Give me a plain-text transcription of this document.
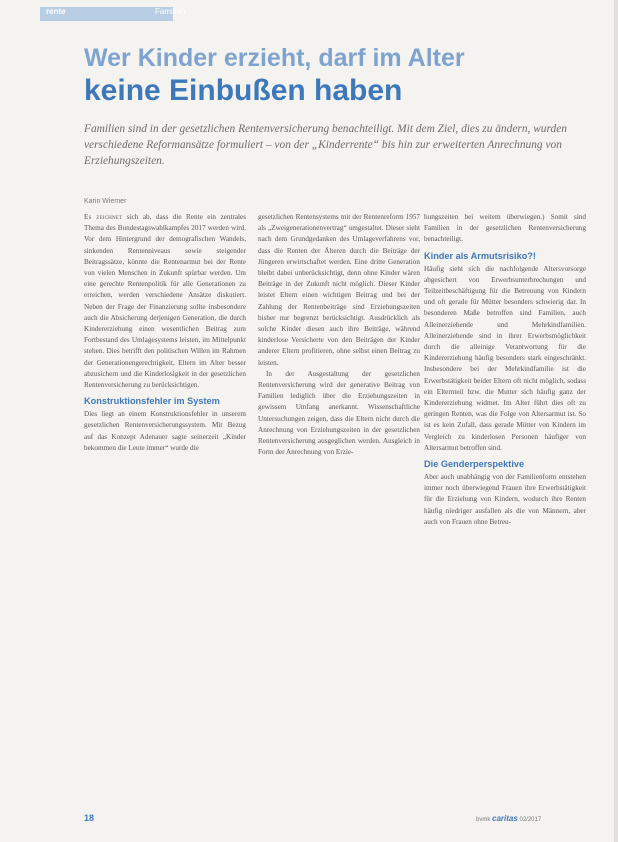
rente	Familien
Wer Kinder erzieht, darf im Alter
keine Einbußen haben

Familien sind in der gesetzlichen Rentenversicherung benachteiligt. Mit dem Ziel, dies zu ändern, wurden verschiedene Reformansätze formuliert – von der „Kinderrente“ bis hin zur erweiterten Anrechnung von Erziehungszeiten.

Karin Wiemer

Es zeichnet sich ab, dass die Rente ein zentrales Thema des Bundestagswahlkampfes 2017 werden wird. Vor dem Hintergrund der demografischen Wandels, sinkenden Rentenniveaus sowie steigender Beitragssätze, könnte die Rentenarmut bei der Rente von vielen Menschen in Zukunft spürbar werden. Um eine gerechte Rentenpolitik für alle Generationen zu erreichen, werden verschiedene Ansätze diskutiert. Neben der Frage der Finanzierung sollte insbesondere auch die Absicherung derjenigen Generation, die durch Kindererziehung einen wesentlichen Beitrag zum Fortbestand des Umlagesystems leisten, im Mittelpunkt stehen. Dies betrifft den politischen Willen im Rahmen der Generationengerechtigkeit, Eltern im Alter besser abzusichern und die Kinderlosigkeit in der gesetzlichen Rentenversicherung zu berücksichtigen.

Konstruktionsfehler im System

Dies liegt an einem Konstruktionsfehler in unserem gesetzlichen Rentenversicherungssystem. Mit Bezug auf das Konzept Adenauer sagte seinerzeit „Kinder bekommen die Leute immer“ wurde die

gesetzlichen Rentensystems mit der Rentenreform 1957 als „Zweigenerationenvertrag“ umgestaltet. Dieser sieht nach dem Grundgedanken des Umlageverfahrens vor, dass die Renten der Älteren durch die Beiträge der Jüngeren erwirtschaftet werden. Eine dritte Generation bleibt dabei unberücksichtigt, denn ohne Kinder wären Beiträge in der Zukunft nicht möglich. Dieser Kinder leistet Eltern einen wichtigen Beitrag und bei der Zahlung der Rentenbeiträge sind Erziehungszeiten bisher nur begrenzt berücksichtigt. Ausdrücklich als solche Kinder diesen auch ihre Beiträge, während kinderlose Versicherte von den Beiträgen der Kinder anderer Eltern profitieren, ohne selbst einen Beitrag zu leisten.

In der Ausgestaltung der gesetzlichen Rentenversicherung wird der generative Beitrag von Familien lediglich über die Erziehungszeiten in gewissem Umfang anerkannt. Wissenschaftliche Untersuchungen zeigen, dass die Eltern nicht durch die Anrechnung von Erziehungszeiten in der gesetzlichen Rentenversicherung ausgeglichen werden. Ausgleich in Form der Anrechnung von Erzie-

hungszeiten bei weitem überwiegen.) Somit sind Familien in der gesetzlichen Rentenversicherung benachteiligt.

Kinder als Armutsrisiko?!

Häufig sieht sich die nachfolgende Altersvorsorge abgesichert von Erwerbsunterbrechungen und Teilzeitbeschäftigung für die Betreuung von Kindern und oft gerade für Mütter besonders schwierig dar. In besonderen Maße betroffen sind Familien, auch Alleinerziehende und Mehrkindfamilien. Alleinerziehende sind in ihrer Erwerbsmöglichkeit durch die alleinige Verantwortung für die Kindererziehung häufig besonders stark eingeschränkt. Insbesondere bei der Mehrkindfamilie ist die Erwerbstätigkeit beider Eltern oft nicht möglich, sodass ein Elternteil bzw. die Mutter sich häufig ganz der Kindererziehung widmet. Im Alter führt dies oft zu geringen Renten, was die Folge von Altersarmut ist. So ist es kein Zufall, dass gerade Mütter von Kindern im Vergleich zu kinderlosen Personen häufiger von Altersarmut betroffen sind.

Die Genderperspektive

Aber auch unabhängig von der Familienform entstehen immer noch überwiegend Frauen ihre Erwerbstätigkeit für die Erziehung von Kindern, wodurch ihre Renten häufig niedriger ausfallen als die von Männern, aber auch von Frauen ohne Betreu-

18	bvmk caritas 02/2017
